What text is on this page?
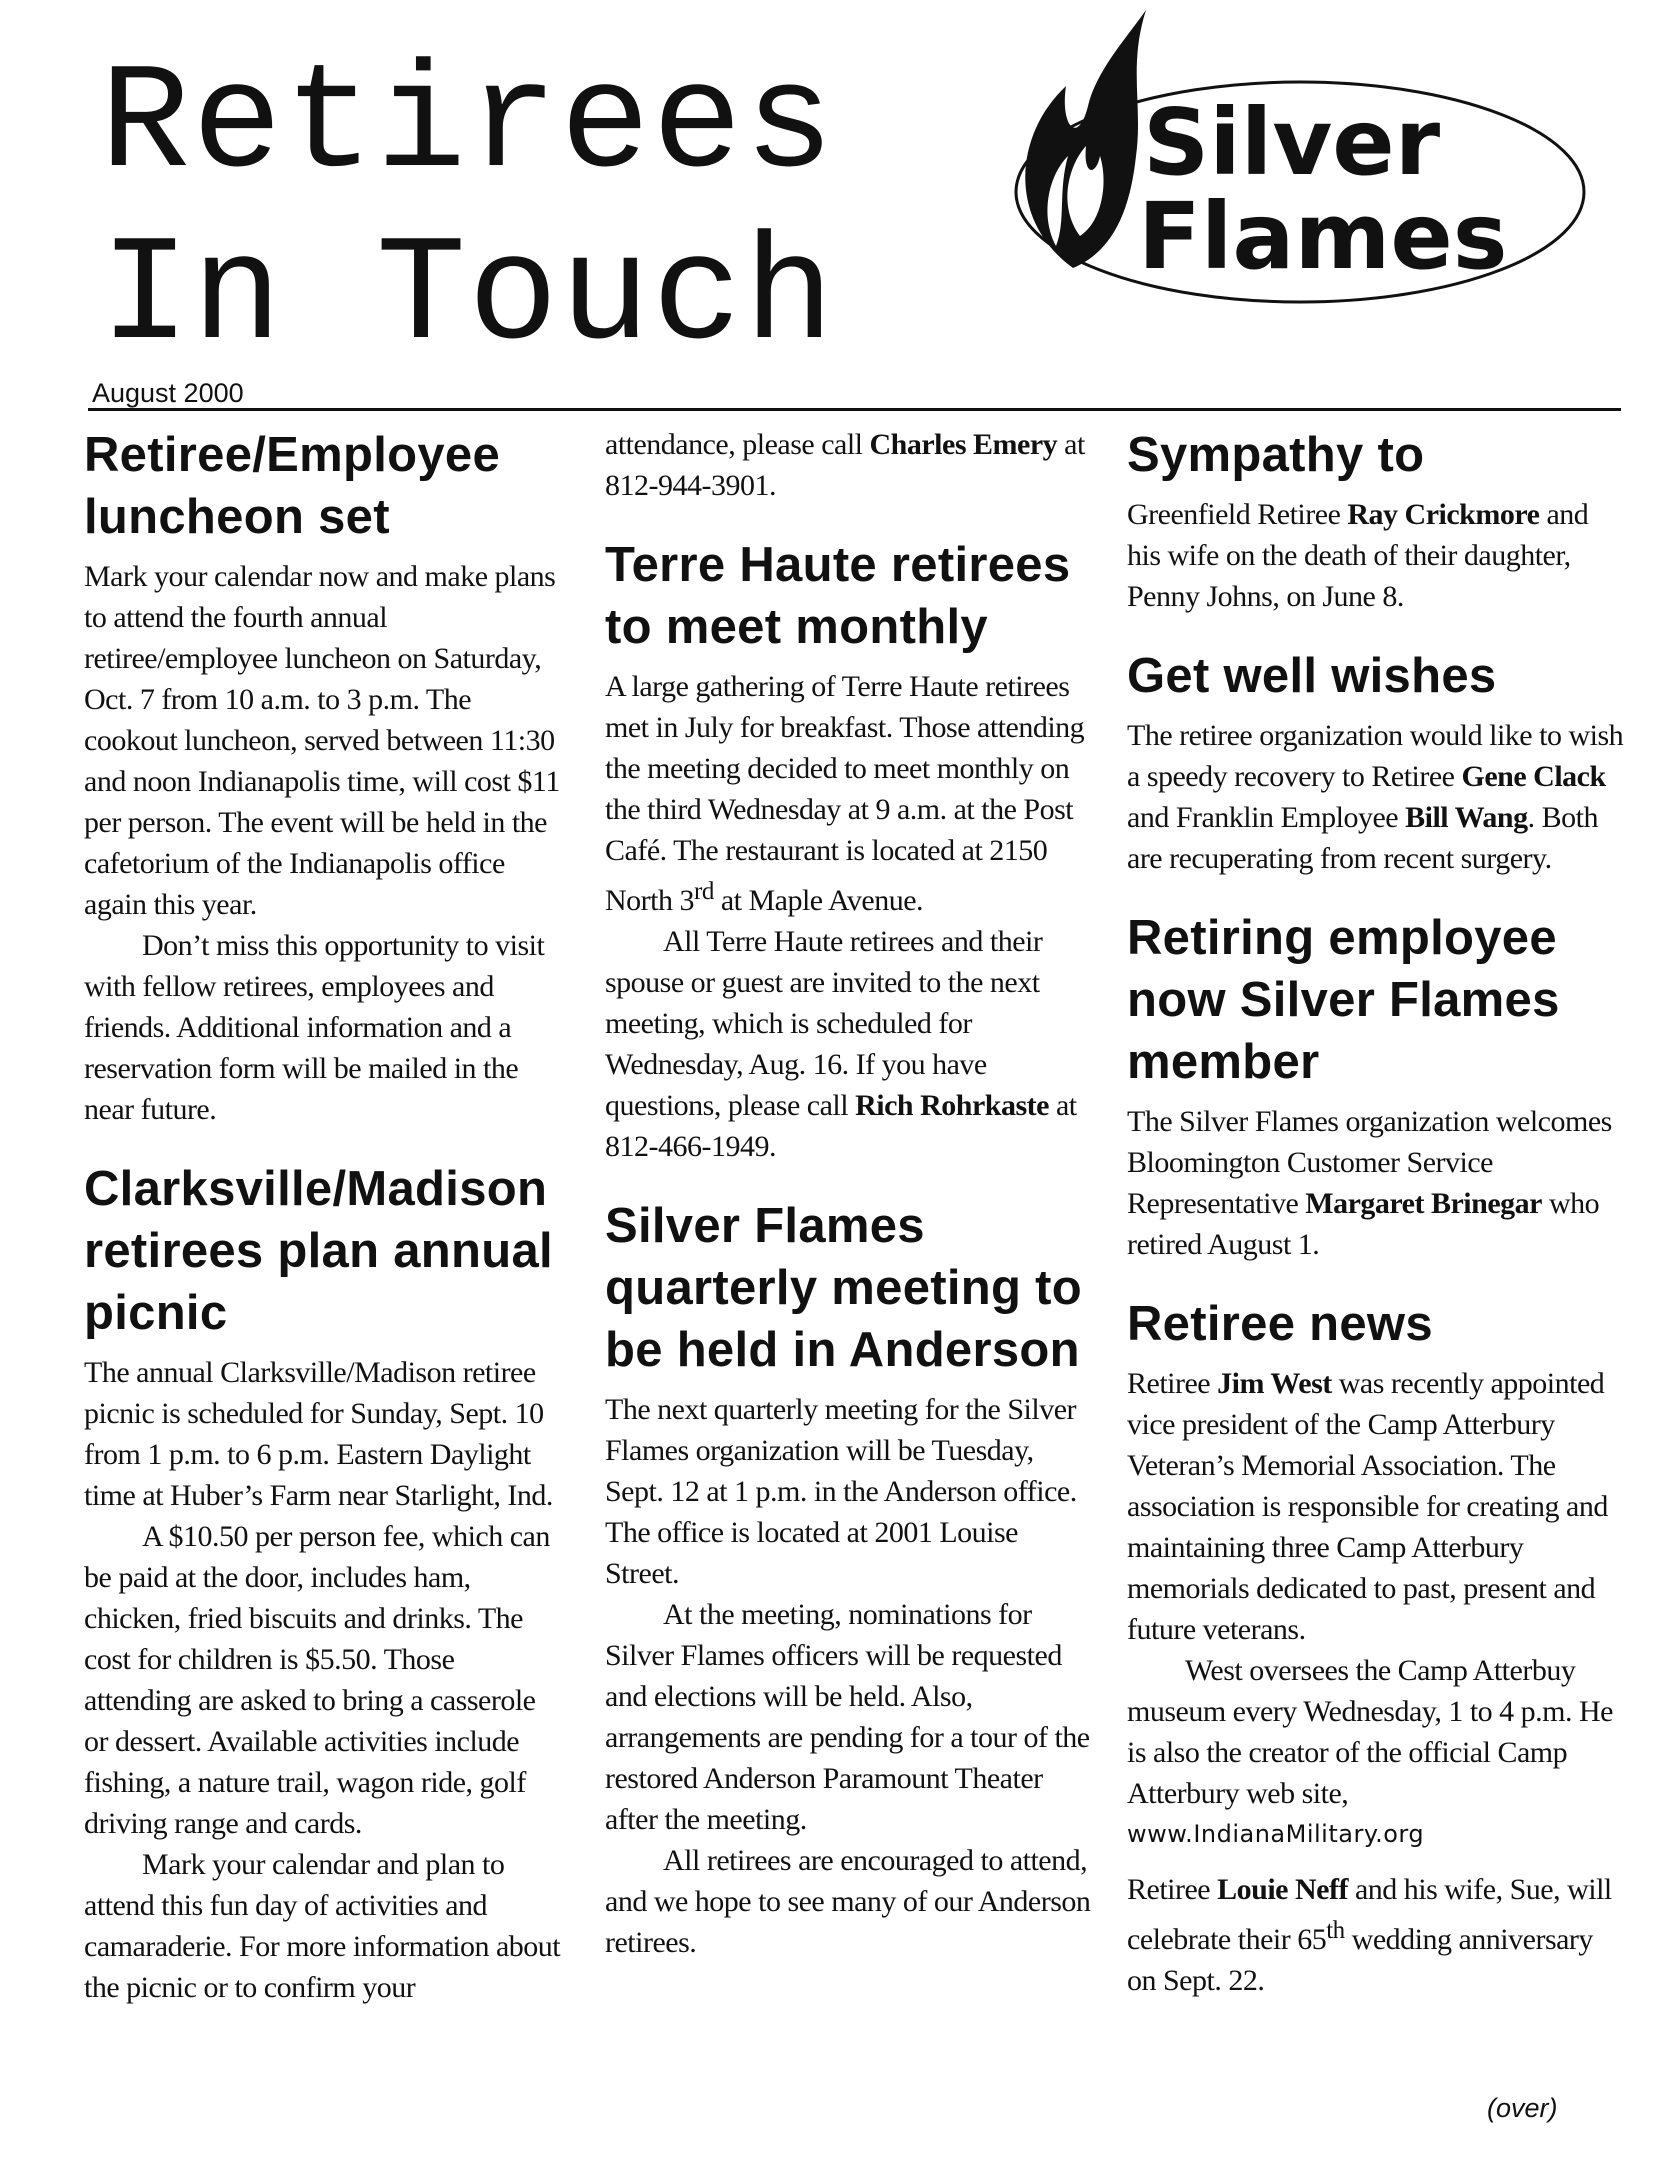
Retirees
In Touch
Silver
Flames
August 2000
Retiree/Employee luncheon set

Mark your calendar now and make plans to attend the fourth annual retiree/employee luncheon on Saturday, Oct. 7 from 10 a.m. to 3 p.m. The cookout luncheon, served between 11:30 and noon Indianapolis time, will cost $11 per person. The event will be held in the cafetorium of the Indianapolis office again this year.

Don’t miss this opportunity to visit with fellow retirees, employees and friends. Additional information and a reservation form will be mailed in the near future.

Clarksville/Madison retirees plan annual picnic

The annual Clarksville/Madison retiree picnic is scheduled for Sunday, Sept. 10 from 1 p.m. to 6 p.m. Eastern Daylight time at Huber’s Farm near Starlight, Ind.

A $10.50 per person fee, which can be paid at the door, includes ham, chicken, fried biscuits and drinks. The cost for children is $5.50. Those attending are asked to bring a casserole or dessert. Available activities include fishing, a nature trail, wagon ride, golf driving range and cards.

Mark your calendar and plan to attend this fun day of activities and camaraderie. For more information about the picnic or to confirm your

attendance, please call Charles Emery at 812-944-3901.

Terre Haute retirees to meet monthly

A large gathering of Terre Haute retirees met in July for breakfast. Those attending the meeting decided to meet monthly on the third Wednesday at 9 a.m. at the Post Café. The restaurant is located at 2150 North 3rd at Maple Avenue.

All Terre Haute retirees and their spouse or guest are invited to the next meeting, which is scheduled for Wednesday, Aug. 16. If you have questions, please call Rich Rohrkaste at 812-466-1949.

Silver Flames quarterly meeting to be held in Anderson

The next quarterly meeting for the Silver Flames organization will be Tuesday, Sept. 12 at 1 p.m. in the Anderson office. The office is located at 2001 Louise Street.

At the meeting, nominations for Silver Flames officers will be requested and elections will be held. Also, arrangements are pending for a tour of the restored Anderson Paramount Theater after the meeting.

All retirees are encouraged to attend, and we hope to see many of our Anderson retirees.

Sympathy to

Greenfield Retiree Ray Crickmore and his wife on the death of their daughter, Penny Johns, on June 8.

Get well wishes

The retiree organization would like to wish a speedy recovery to Retiree Gene Clack and Franklin Employee Bill Wang. Both are recuperating from recent surgery.

Retiring employee now Silver Flames member

The Silver Flames organization welcomes Bloomington Customer Service Representative Margaret Brinegar who retired August 1.

Retiree news

Retiree Jim West was recently appointed vice president of the Camp Atterbury Veteran’s Memorial Association. The association is responsible for creating and maintaining three Camp Atterbury memorials dedicated to past, present and future veterans.

West oversees the Camp Atterbuy museum every Wednesday, 1 to 4 p.m. He is also the creator of the official Camp Atterbury web site,

www.IndianaMilitary.org

Retiree Louie Neff and his wife, Sue, will celebrate their 65th wedding anniversary on Sept. 22.

(over)
